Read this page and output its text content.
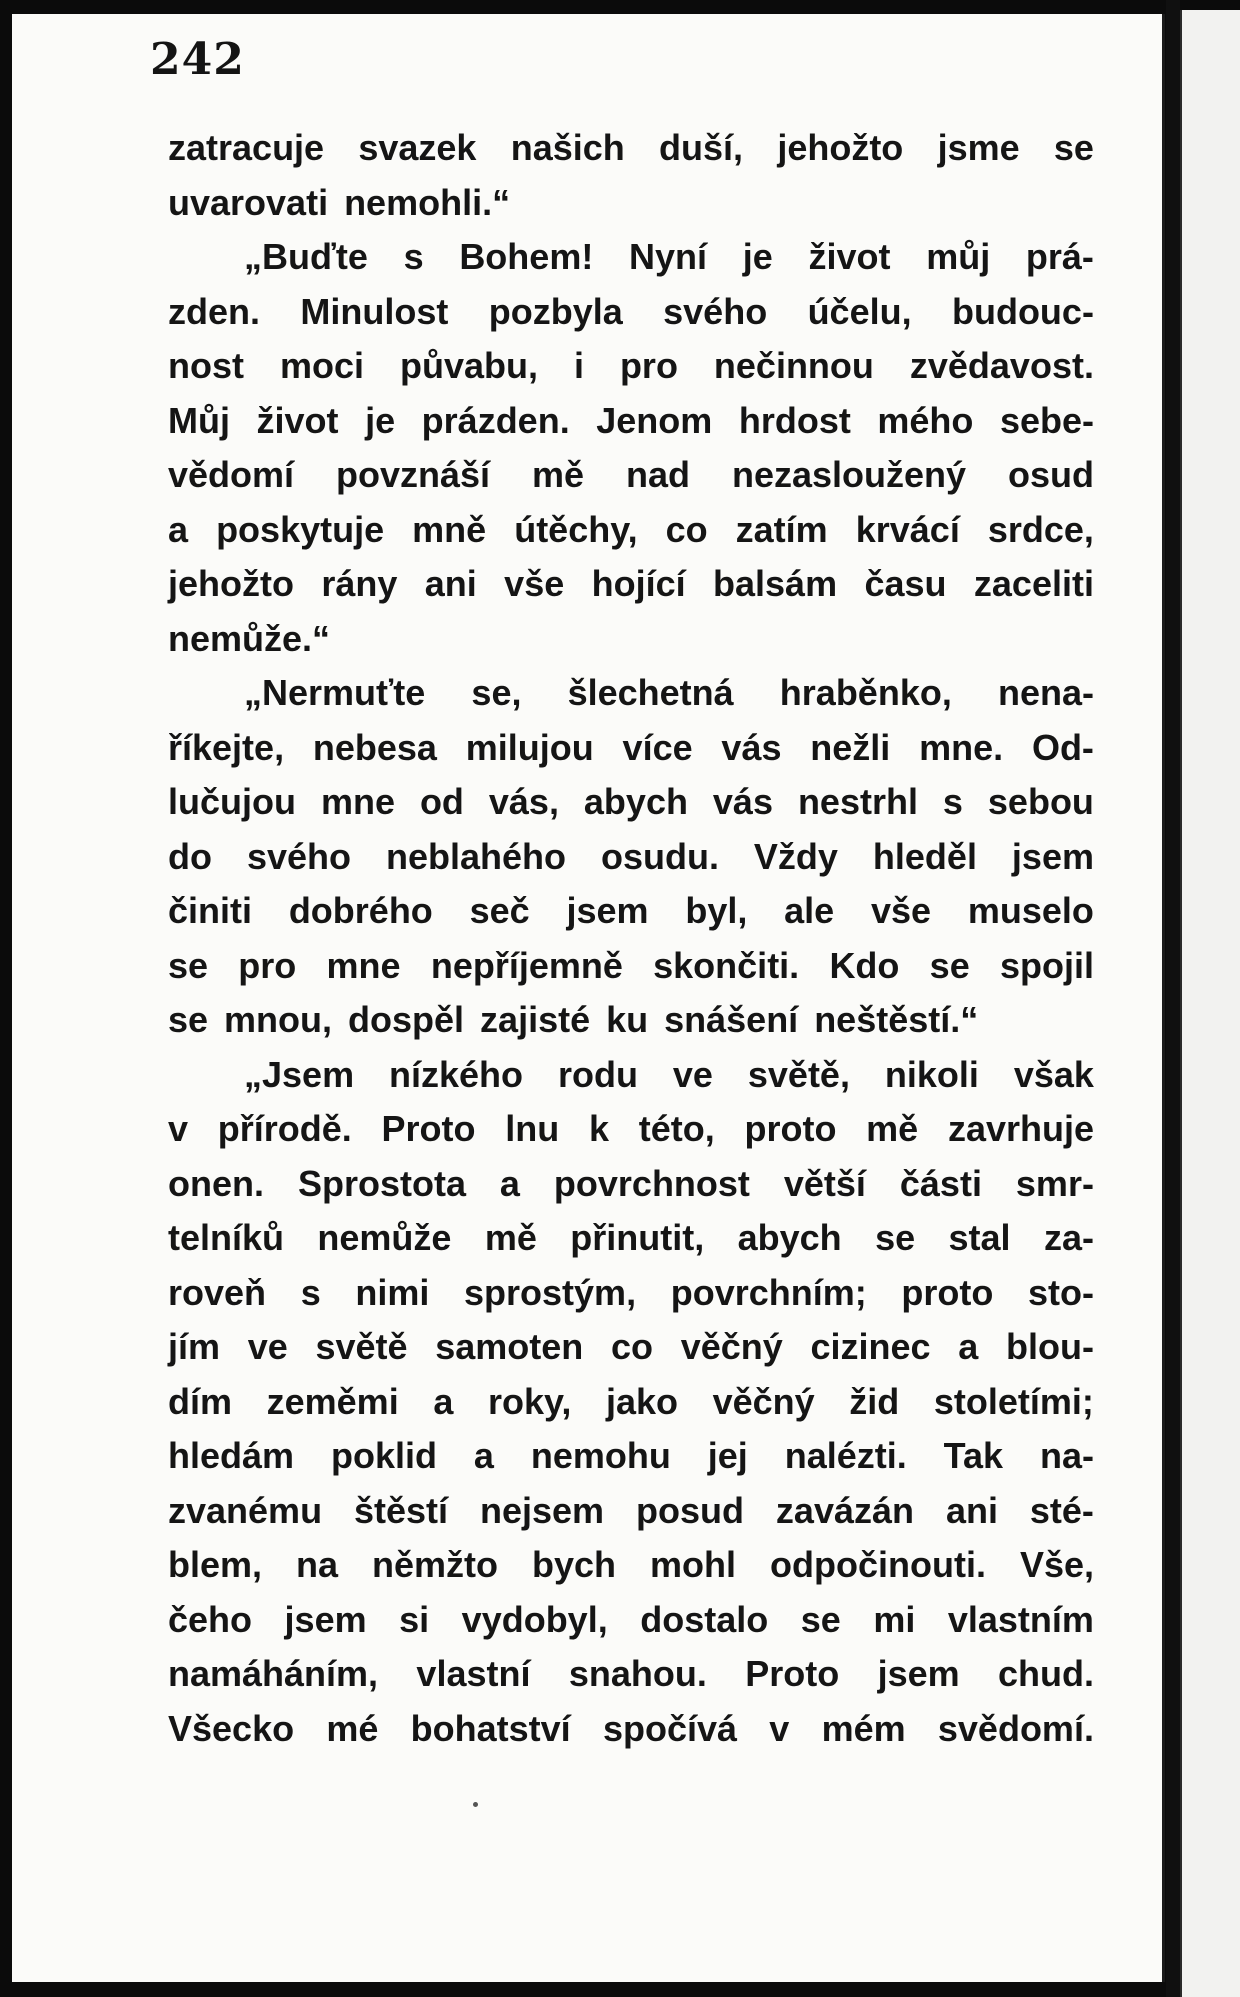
242
zatracuje svazek našich duší, jehožto jsme se
uvarovati nemohli.“
„Buďte s Bohem! Nyní je život můj prá-
zden. Minulost pozbyla svého účelu, budouc-
nost moci půvabu, i pro nečinnou zvědavost.
Můj život je prázden. Jenom hrdost mého sebe-
vědomí povznáší mě nad nezasloužený osud
a poskytuje mně útěchy, co zatím krvácí srdce,
jehožto rány ani vše hojící balsám času zaceliti
nemůže.“
„Nermuťte se, šlechetná hraběnko, nena-
říkejte, nebesa milujou více vás nežli mne. Od-
lučujou mne od vás, abych vás nestrhl s sebou
do svého neblahého osudu. Vždy hleděl jsem
činiti dobrého seč jsem byl, ale vše muselo
se pro mne nepříjemně skončiti. Kdo se spojil
se mnou, dospěl zajisté ku snášení neštěstí.“
„Jsem nízkého rodu ve světě, nikoli však
v přírodě. Proto lnu k této, proto mě zavrhuje
onen. Sprostota a povrchnost větší části smr-
telníků nemůže mě přinutit, abych se stal za-
roveň s nimi sprostým, povrchním; proto sto-
jím ve světě samoten co věčný cizinec a blou-
dím zeměmi a roky, jako věčný žid stoletími;
hledám poklid a nemohu jej nalézti. Tak na-
zvanému štěstí nejsem posud zavázán ani sté-
blem, na němžto bych mohl odpočinouti. Vše,
čeho jsem si vydobyl, dostalo se mi vlastním
namáháním, vlastní snahou. Proto jsem chud.
Všecko mé bohatství spočívá v mém svědomí.
